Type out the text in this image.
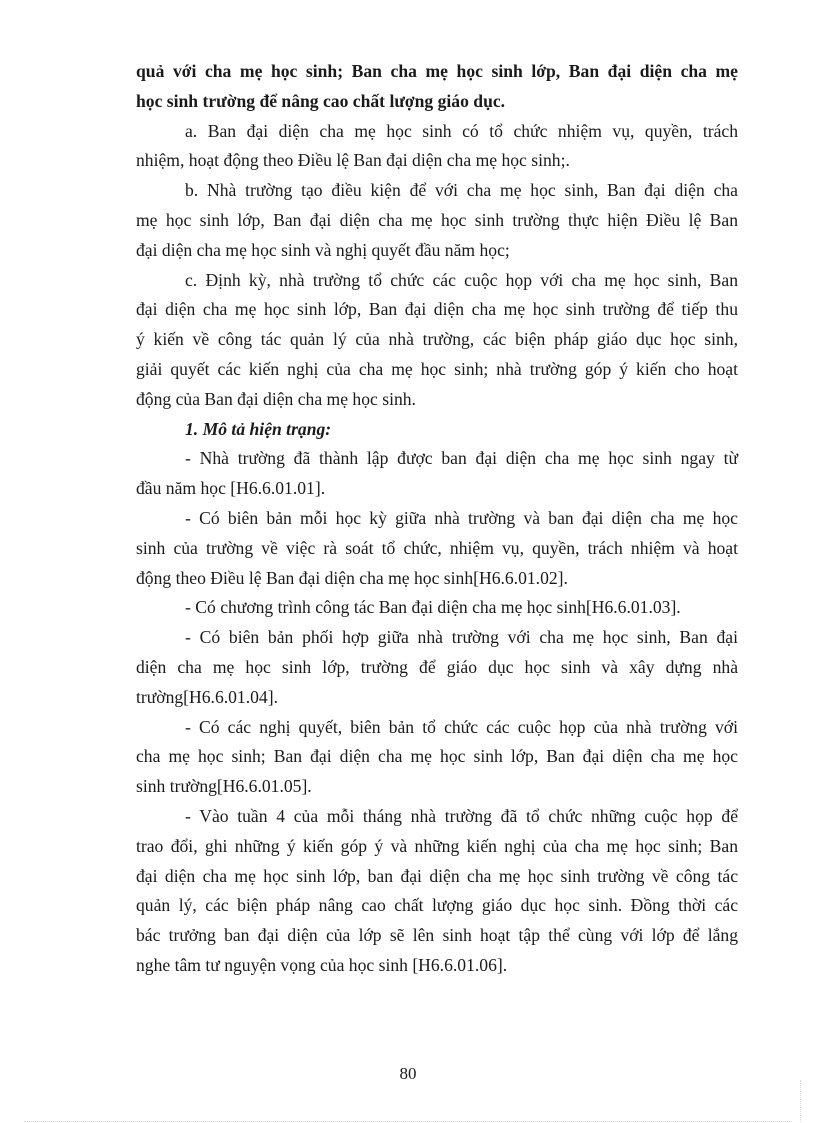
quả với cha mẹ học sinh; Ban cha mẹ học sinh lớp, Ban đại diện cha mẹ
học sinh trường để nâng cao chất lượng giáo dục.
a. Ban đại diện cha mẹ học sinh có tổ chức nhiệm vụ, quyền, trách
nhiệm, hoạt động theo Điều lệ Ban đại diện cha mẹ học sinh;.
b. Nhà trường tạo điều kiện để với cha mẹ học sinh, Ban đại diện cha
mẹ học sinh lớp, Ban đại diện cha mẹ học sinh trường thực hiện Điều lệ Ban
đại diện cha mẹ học sinh và nghị quyết đầu năm học;
c. Định kỳ, nhà trường tổ chức các cuộc họp với cha mẹ học sinh, Ban
đại diện cha mẹ học sinh lớp, Ban đại diện cha mẹ học sinh trường để tiếp thu
ý kiến về công tác quản lý của nhà trường, các biện pháp giáo dục học sinh,
giải quyết các kiến nghị của cha mẹ học sinh; nhà trường góp ý kiến cho hoạt
động của Ban đại diện cha mẹ học sinh.
1. Mô tả hiện trạng:
- Nhà trường đã thành lập được ban đại diện cha mẹ học sinh ngay từ
đầu năm học [H6.6.01.01].
- Có biên bản mỗi học kỳ giữa nhà trường và ban đại diện cha mẹ học
sinh của trường về việc rà soát tổ chức, nhiệm vụ, quyền, trách nhiệm và hoạt
động theo Điều lệ Ban đại diện cha mẹ học sinh[H6.6.01.02].
- Có chương trình công tác Ban đại diện cha mẹ học sinh[H6.6.01.03].
- Có biên bản phối hợp giữa nhà trường với cha mẹ học sinh, Ban đại
diện cha mẹ học sinh lớp, trường để giáo dục học sinh và xây dựng nhà
trường[H6.6.01.04].
- Có các nghị quyết, biên bản tổ chức các cuộc họp của nhà trường với
cha mẹ học sinh; Ban đại diện cha mẹ học sinh lớp, Ban đại diện cha mẹ học
sinh trường[H6.6.01.05].
- Vào tuần 4 của mỗi tháng nhà trường đã tổ chức những cuộc họp để
trao đổi, ghi những ý kiến góp ý và những kiến nghị của cha mẹ học sinh; Ban
đại diện cha mẹ học sinh lớp, ban đại diện cha mẹ học sinh trường về công tác
quản lý, các biện pháp nâng cao chất lượng giáo dục học sinh. Đồng thời các
bác trưởng ban đại diện của lớp sẽ lên sinh hoạt tập thể cùng với lớp để lắng
nghe tâm tư nguyện vọng của học sinh [H6.6.01.06].
80
